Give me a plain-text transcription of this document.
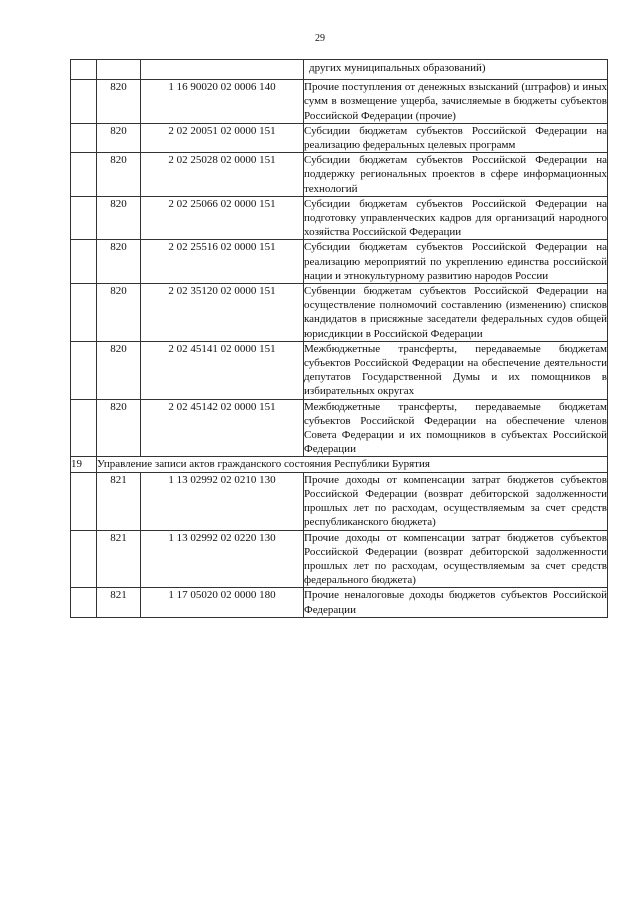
29
			других муниципальных образований)
	820	1 16 90020 02 0006 140	Прочие поступления от денежных взысканий (штрафов) и иных сумм в возмещение ущерба, зачисляемые в бюджеты субъектов Российской Федерации (прочие)
	820	2 02 20051 02 0000 151	Субсидии бюджетам субъектов Российской Федерации на реализацию федеральных целевых программ
	820	2 02 25028 02 0000 151	Субсидии бюджетам субъектов Российской Федерации на поддержку региональных проектов в сфере информационных технологий
	820	2 02 25066 02 0000 151	Субсидии бюджетам субъектов Российской Федерации на подготовку управленческих кадров для организаций народного хозяйства Российской Федерации
	820	2 02 25516 02 0000 151	Субсидии бюджетам субъектов Российской Федерации на реализацию мероприятий по укреплению единства российской нации и этнокультурному развитию народов России
	820	2 02 35120 02 0000 151	Субвенции бюджетам субъектов Российской Федерации на осуществление полномочий составлению (изменению) списков кандидатов в присяжные заседатели федеральных судов общей юрисдикции в Российской Федерации
	820	2 02 45141 02 0000 151	Межбюджетные трансферты, передаваемые бюджетам субъектов Российской Федерации на обеспечение деятельности депутатов Государственной Думы и их помощников в избирательных округах
	820	2 02 45142 02 0000 151	Межбюджетные трансферты, передаваемые бюджетам субъектов Российской Федерации на обеспечение членов Совета Федерации и их помощников в субъектах Российской Федерации
19	Управление записи актов гражданского состояния Республики Бурятия		
	821	1 13 02992 02 0210 130	Прочие доходы от компенсации затрат бюджетов субъектов Российской Федерации (возврат дебиторской задолженности прошлых лет по расходам, осуществляемым за счет средств республиканского бюджета)
	821	1 13 02992 02 0220 130	Прочие доходы от компенсации затрат бюджетов субъектов Российской Федерации (возврат дебиторской задолженности прошлых лет по расходам, осуществляемым за счет средств федерального бюджета)
	821	1 17 05020 02 0000 180	Прочие неналоговые доходы бюджетов субъектов Российской Федерации
